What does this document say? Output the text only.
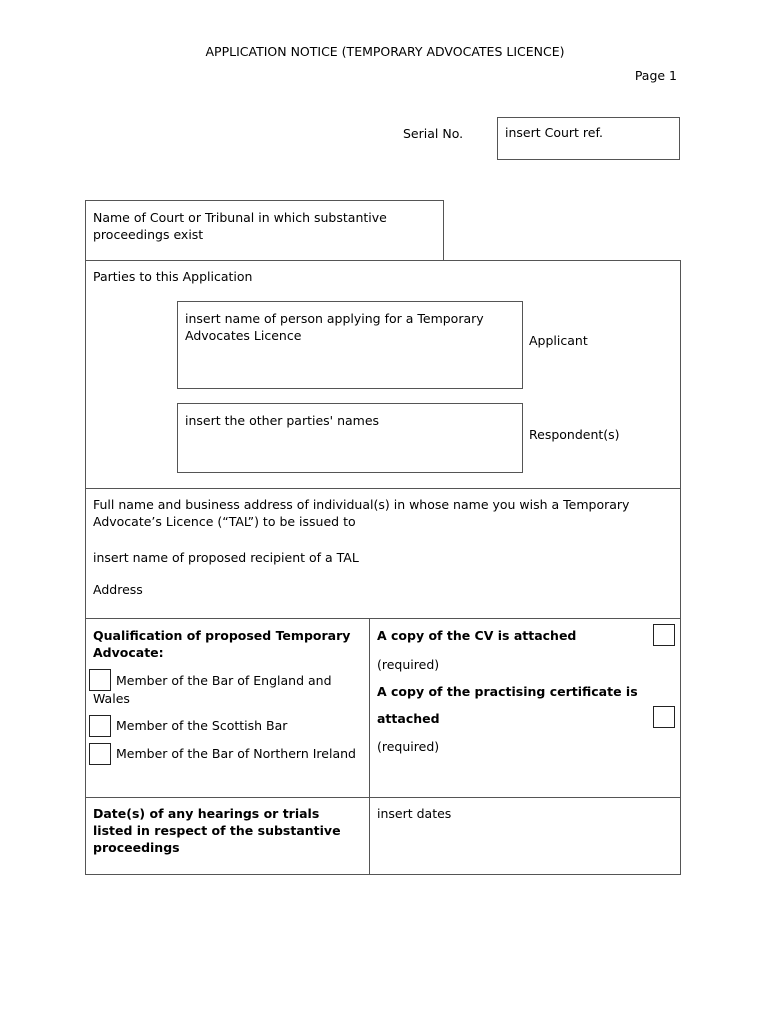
APPLICATION NOTICE (TEMPORARY ADVOCATES LICENCE)
Page 1
Serial No.	insert Court ref.
Name of Court or Tribunal in which substantive proceedings exist
Parties to this Application
insert name of person applying for a Temporary Advocates Licence	Applicant
insert the other parties' names
Respondent(s)
Full name and business address of individual(s) in whose name you wish a Temporary Advocate’s Licence (“TAL”) to be issued to
insert name of proposed recipient of a TAL
Address
Qualification of proposed Temporary Advocate:
Member of the Bar of England and
Wales
Member of the Scottish Bar
Member of the Bar of Northern Ireland
A copy of the CV is attached
(required)
A copy of the practising certificate is
attached
(required)
Date(s) of any hearings or trials listed in respect of the substantive proceedings
insert dates
